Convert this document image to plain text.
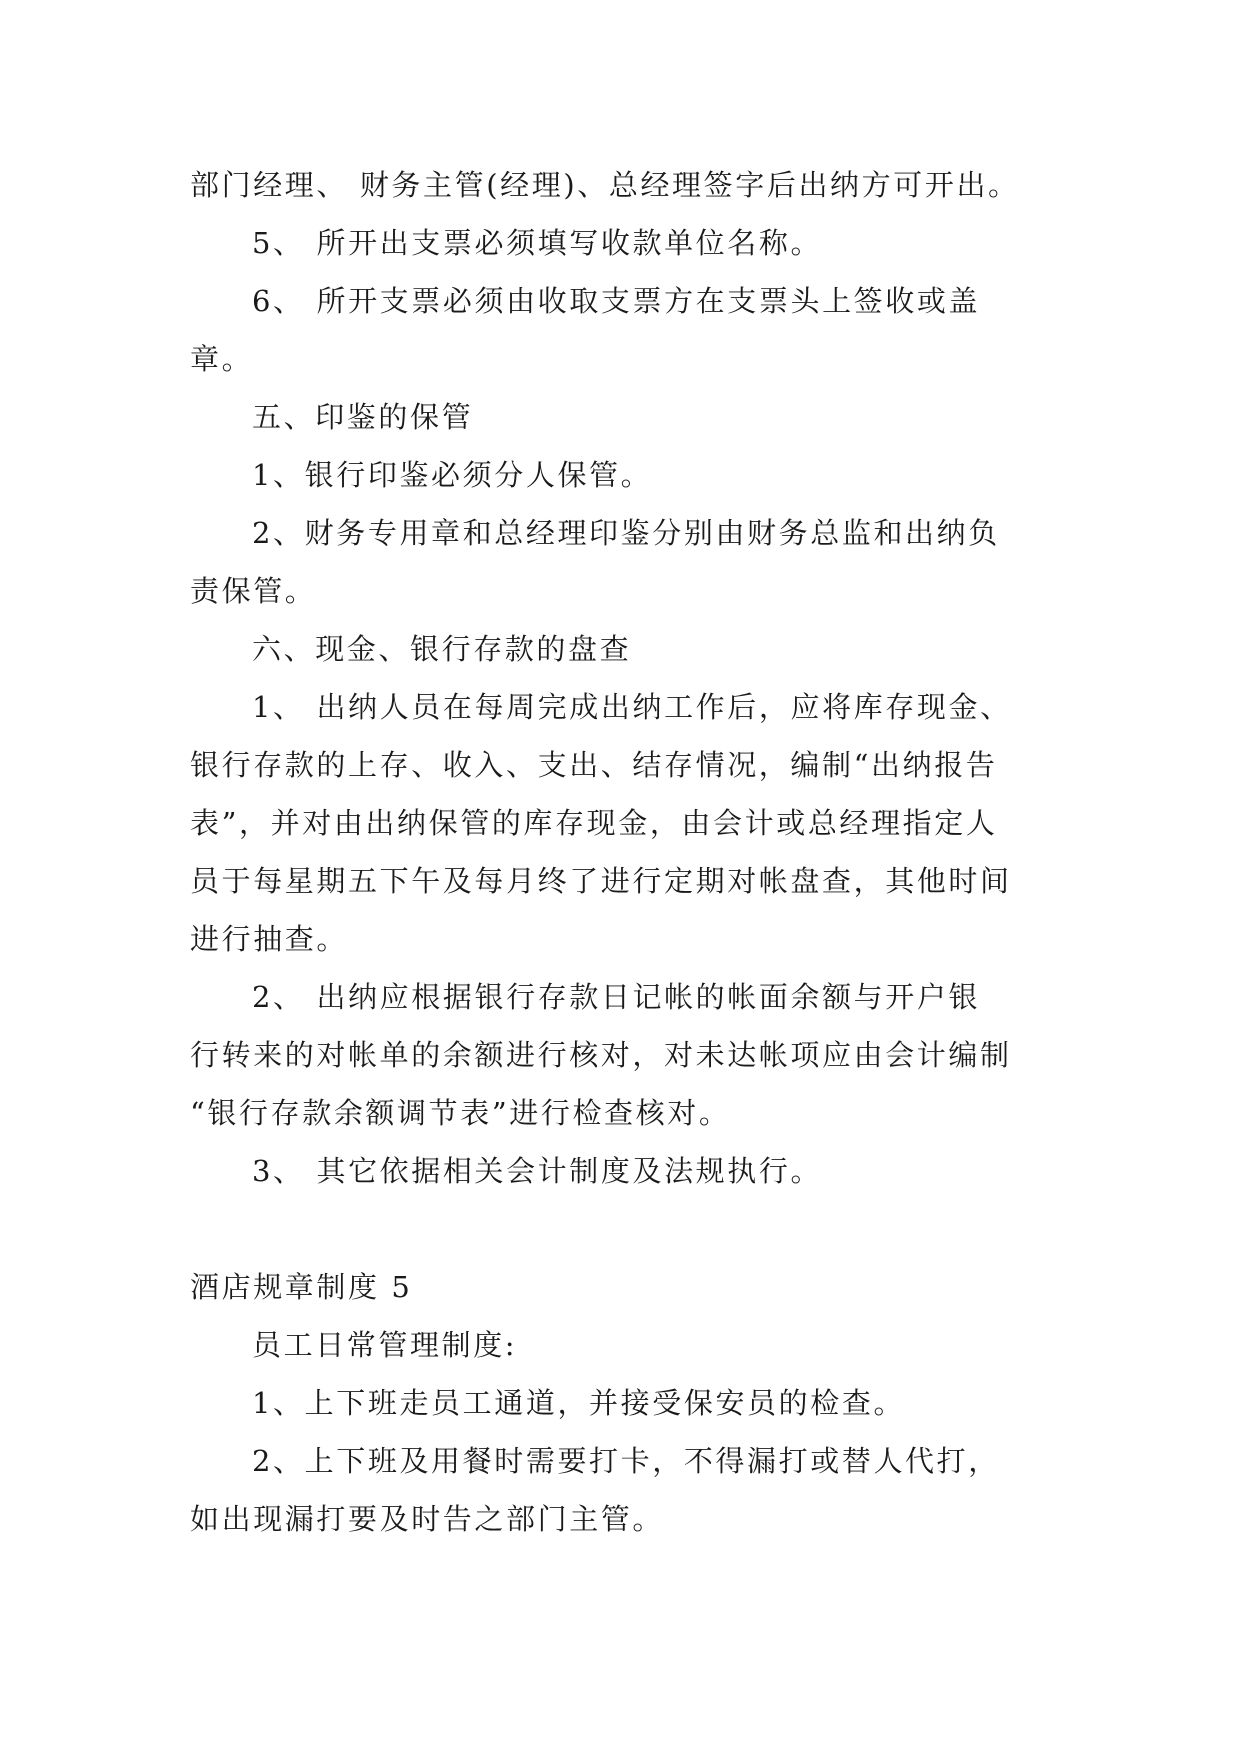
部门经理、 财务主管(经理)、总经理签字后出纳方可开出。
5、 所开出支票必须填写收款单位名称。
6、 所开支票必须由收取支票方在支票头上签收或盖
章。
五、印鉴的保管
1、银行印鉴必须分人保管。
2、财务专用章和总经理印鉴分别由财务总监和出纳负
责保管。
六、现金、银行存款的盘查
1、 出纳人员在每周完成出纳工作后，应将库存现金、
银行存款的上存、收入、支出、结存情况，编制“出纳报告
表”，并对由出纳保管的库存现金，由会计或总经理指定人
员于每星期五下午及每月终了进行定期对帐盘查，其他时间
进行抽查。
2、 出纳应根据银行存款日记帐的帐面余额与开户银
行转来的对帐单的余额进行核对，对未达帐项应由会计编制
“银行存款余额调节表”进行检查核对。
3、 其它依据相关会计制度及法规执行。
酒店规章制度 5
员工日常管理制度:
1、上下班走员工通道，并接受保安员的检查。
2、上下班及用餐时需要打卡，不得漏打或替人代打，
如出现漏打要及时告之部门主管。
